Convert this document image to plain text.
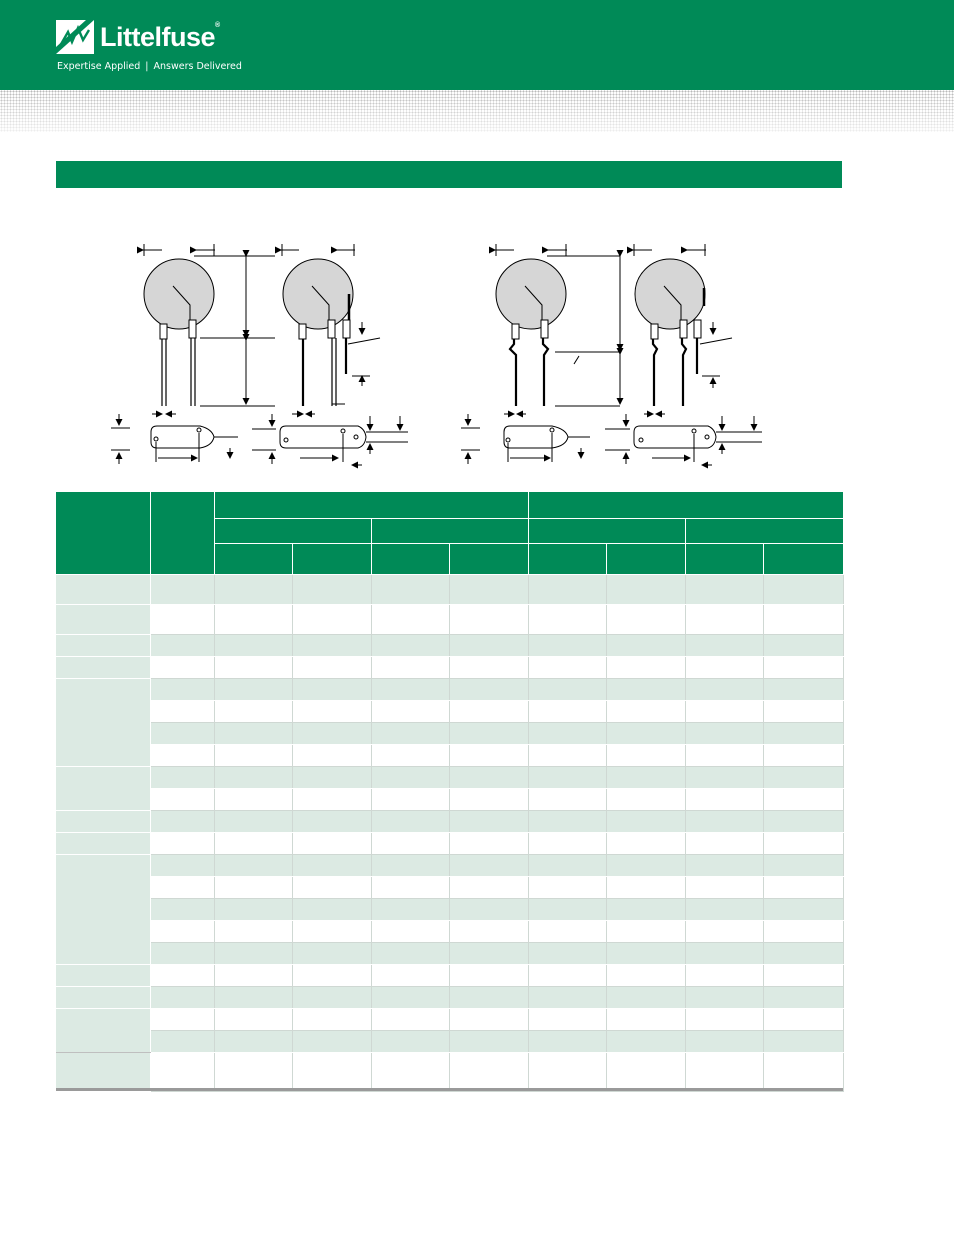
Littelfuse®
Expertise Applied | Answers Delivered
